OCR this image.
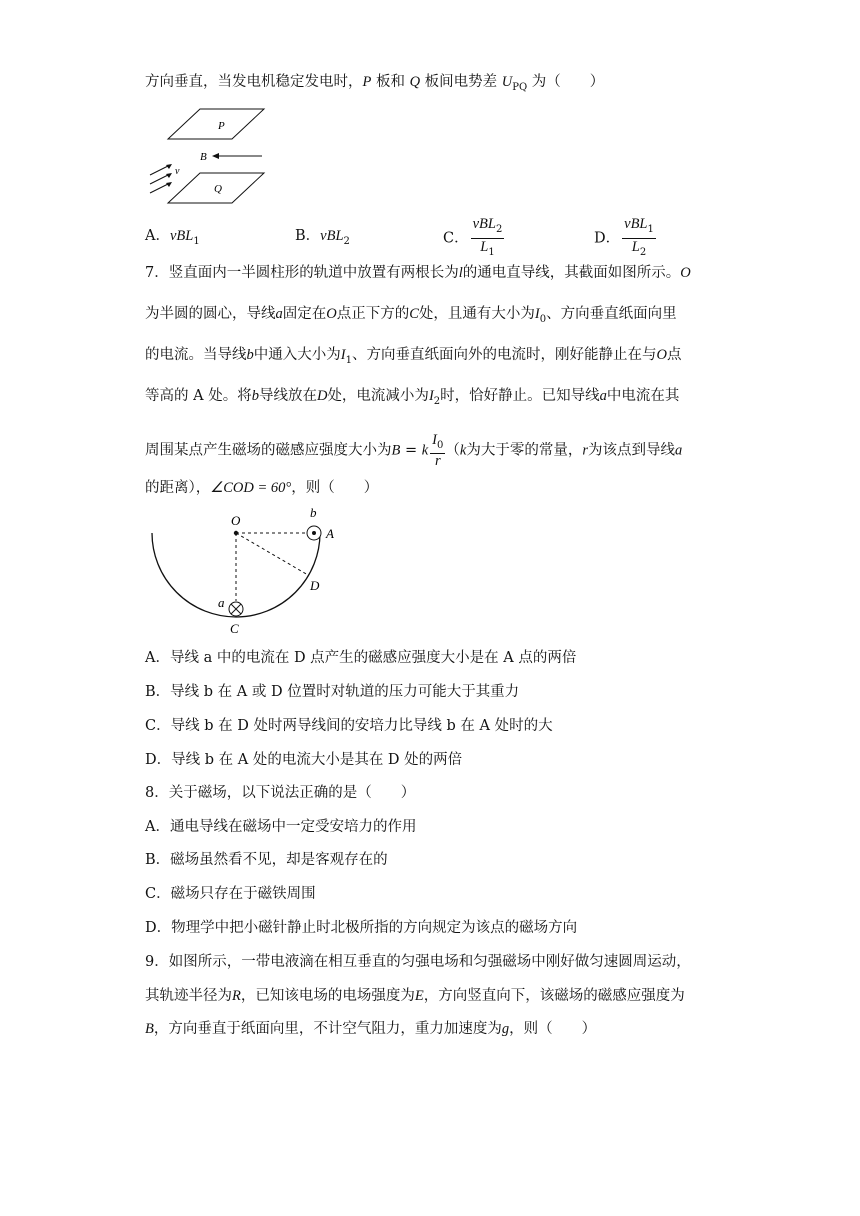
方向垂直，当发电机稳定发电时，P 板和 Q 板间电势差 $U_{PQ}$ 为（　　）
P
Q
B
v
A．vBL$_1$	B．vBL$_2$	C． $\frac{vBL_2}{L_1}$	D． $\frac{vBL_1}{L_2}$
7．竖直面内一半圆柱形的轨道中放置有两根长为l的通电直导线，其截面如图所示。O
为半圆的圆心，导线a固定在O点正下方的C处，且通有大小为$I_0$、方向垂直纸面向里
的电流。当导线b中通入大小为$I_1$、方向垂直纸面向外的电流时，刚好能静止在与O点
等高的 A 处。将b导线放在D处，电流减小为$I_2$时，恰好静止。已知导线a中电流在其
周围某点产生磁场的磁感应强度大小为B = k $\frac{I_0}{r} (k$为大于零的常量，r为该点到导线a
的距离），∠COD = 60°，则（　　）
O
b
A
D
a
C
A．导线 a 中的电流在 D 点产生的磁感应强度大小是在 A 点的两倍
B．导线 b 在 A 或 D 位置时对轨道的压力可能大于其重力
C．导线 b 在 D 处时两导线间的安培力比导线 b 在 A 处时的大
D．导线 b 在 A 处的电流大小是其在 D 处的两倍
8．关于磁场，以下说法正确的是（　　）
A．通电导线在磁场中一定受安培力的作用
B．磁场虽然看不见，却是客观存在的
C．磁场只存在于磁铁周围
D．物理学中把小磁针静止时北极所指的方向规定为该点的磁场方向
9．如图所示，一带电液滴在相互垂直的匀强电场和匀强磁场中刚好做匀速圆周运动，
其轨迹半径为R，已知该电场的电场强度为E，方向竖直向下，该磁场的磁感应强度为
B，方向垂直于纸面向里，不计空气阻力，重力加速度为g，则（　　）
